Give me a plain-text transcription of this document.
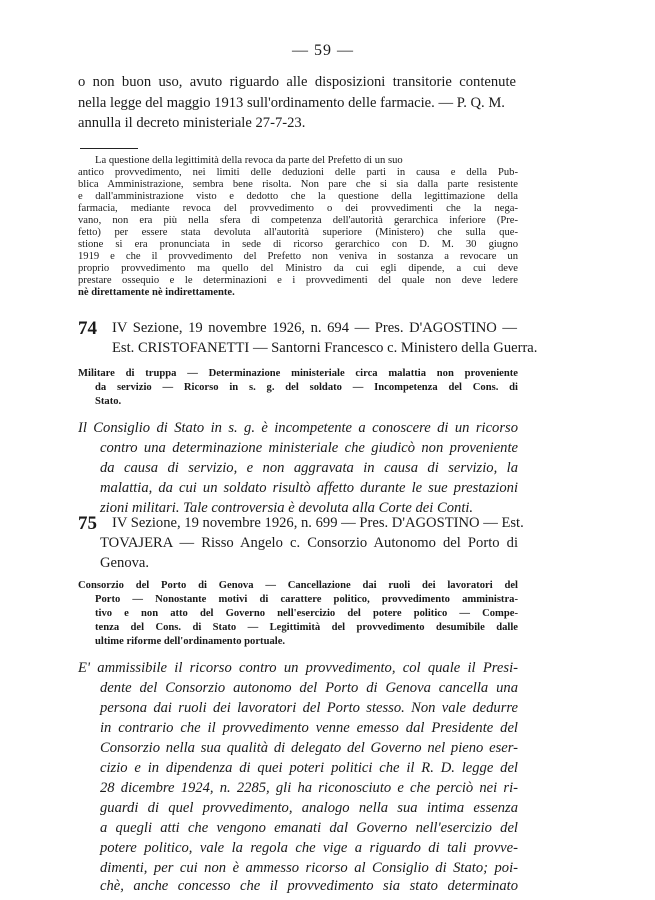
— 59 —
o non buon uso, avuto riguardo alle disposizioni transitorie contenute
nella legge del maggio 1913 sull'ordinamento delle farmacie. — P. Q. M.
annulla il decreto ministeriale 27-7-23.
La questione della legittimità della revoca da parte del Prefetto di un suo
antico provvedimento, nei limiti delle deduzioni delle parti in causa e della Pub-
blica Amministrazione, sembra bene risolta. Non pare che si sia dalla parte resistente
e dall'amministrazione visto e dedotto che la questione della legittimazione della
farmacia, mediante revoca del provvedimento o dei provvedimenti che la nega-
vano, non era più nella sfera di competenza dell'autorità gerarchica inferiore (Pre-
fetto) per essere stata devoluta all'autorità superiore (Ministero) che sulla que-
stione si era pronunciata in sede di ricorso gerarchico con D. M. 30 giugno
1919 e che il provvedimento del Prefetto non veniva in sostanza a revocare un
proprio provvedimento ma quello del Ministro da cui egli dipende, a cui deve
prestare ossequio e le determinazioni e i provvedimenti del quale non deve ledere
nè direttamente nè indirettamente.
74 IV Sezione, 19 novembre 1926, n. 694 — Pres. D'AGOSTINO —
Est. CRISTOFANETTI — Santorni Francesco c. Ministero della Guerra.
Militare di truppa — Determinazione ministeriale circa malattia non proveniente
da servizio — Ricorso in s. g. del soldato — Incompetenza del Cons. di
Stato.
Il Consiglio di Stato in s. g. è incompetente a conoscere di un ricorso
contro una determinazione ministeriale che giudicò non proveniente
da causa di servizio, e non aggravata in causa di servizio, la
malattia, da cui un soldato risultò affetto durante le sue prestazioni
zioni militari. Tale controversia è devoluta alla Corte dei Conti.
75 IV Sezione, 19 novembre 1926, n. 699 — Pres. D'AGOSTINO — Est.
TOVAJERA — Risso Angelo c. Consorzio Autonomo del Porto di
Genova.
Consorzio del Porto di Genova — Cancellazione dai ruoli dei lavoratori del
Porto — Nonostante motivi di carattere politico, provvedimento amministra-
tivo e non atto del Governo nell'esercizio del potere politico — Compe-
tenza del Cons. di Stato — Legittimità del provvedimento desumibile dalle
ultime riforme dell'ordinamento portuale.
E' ammissibile il ricorso contro un provvedimento, col quale il Presi-
dente del Consorzio autonomo del Porto di Genova cancella una
persona dai ruoli dei lavoratori del Porto stesso. Non vale dedurre
in contrario che il provvedimento venne emesso dal Presidente del
Consorzio nella sua qualità di delegato del Governo nel pieno eser-
cizio e in dipendenza di quei poteri politici che il R. D. legge del
28 dicembre 1924, n. 2285, gli ha riconosciuto e che perciò nei ri-
guardi di quel provvedimento, analogo nella sua intima essenza
a quegli atti che vengono emanati dal Governo nell'esercizio del
potere politico, vale la regola che vige a riguardo di tali provve-
dimenti, per cui non è ammesso ricorso al Consiglio di Stato; poi-
chè, anche concesso che il provvedimento sia stato determinato
